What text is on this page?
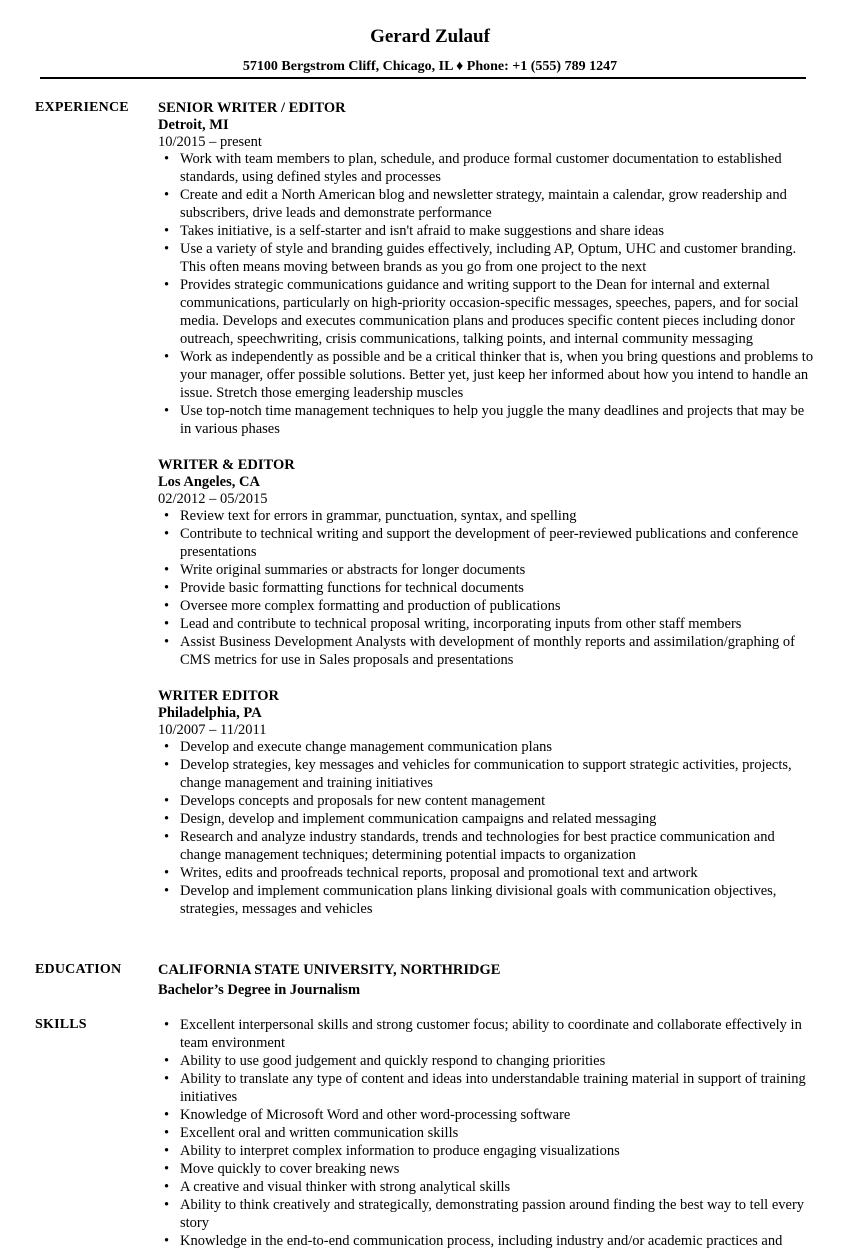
Gerard Zulauf
57100 Bergstrom Cliff, Chicago, IL ♦ Phone: +1 (555) 789 1247
EXPERIENCE SENIOR WRITER / EDITOR
Detroit, MI
10/2015 – present
• Work with team members to plan, schedule, and produce formal customer documentation to established standards, using defined styles and processes
• Create and edit a North American blog and newsletter strategy, maintain a calendar, grow readership and subscribers, drive leads and demonstrate performance
• Takes initiative, is a self-starter and isn't afraid to make suggestions and share ideas
• Use a variety of style and branding guides effectively, including AP, Optum, UHC and customer branding. This often means moving between brands as you go from one project to the next
• Provides strategic communications guidance and writing support to the Dean for internal and external communications, particularly on high-priority occasion-specific messages, speeches, papers, and for social media. Develops and executes communication plans and produces specific content pieces including donor outreach, speechwriting, crisis communications, talking points, and internal community messaging
• Work as independently as possible and be a critical thinker that is, when you bring questions and problems to your manager, offer possible solutions. Better yet, just keep her informed about how you intend to handle an issue. Stretch those emerging leadership muscles
• Use top-notch time management techniques to help you juggle the many deadlines and projects that may be in various phases
WRITER & EDITOR
Los Angeles, CA
02/2012 – 05/2015
• Review text for errors in grammar, punctuation, syntax, and spelling
• Contribute to technical writing and support the development of peer-reviewed publications and conference presentations
• Write original summaries or abstracts for longer documents
• Provide basic formatting functions for technical documents
• Oversee more complex formatting and production of publications
• Lead and contribute to technical proposal writing, incorporating inputs from other staff members
• Assist Business Development Analysts with development of monthly reports and assimilation/graphing of CMS metrics for use in Sales proposals and presentations
WRITER EDITOR
Philadelphia, PA
10/2007 – 11/2011
• Develop and execute change management communication plans
• Develop strategies, key messages and vehicles for communication to support strategic activities, projects, change management and training initiatives
• Develops concepts and proposals for new content management
• Design, develop and implement communication campaigns and related messaging
• Research and analyze industry standards, trends and technologies for best practice communication and change management techniques; determining potential impacts to organization
• Writes, edits and proofreads technical reports, proposal and promotional text and artwork
• Develop and implement communication plans linking divisional goals with communication objectives, strategies, messages and vehicles
EDUCATION	CALIFORNIA STATE UNIVERSITY, NORTHRIDGE
Bachelor’s Degree in Journalism
SKILLS
•	Excellent interpersonal skills and strong customer focus; ability to coordinate and collaborate effectively in team environment
• Ability to use good judgement and quickly respond to changing priorities
• Ability to translate any type of content and ideas into understandable training material in support of training initiatives
• Knowledge of Microsoft Word and other word-processing software
• Excellent oral and written communication skills
• Ability to interpret complex information to produce engaging visualizations
• Move quickly to cover breaking news
• A creative and visual thinker with strong analytical skills
• Ability to think creatively and strategically, demonstrating passion around finding the best way to tell every story
• Knowledge in the end-to-end communication process, including industry and/or academic practices and
